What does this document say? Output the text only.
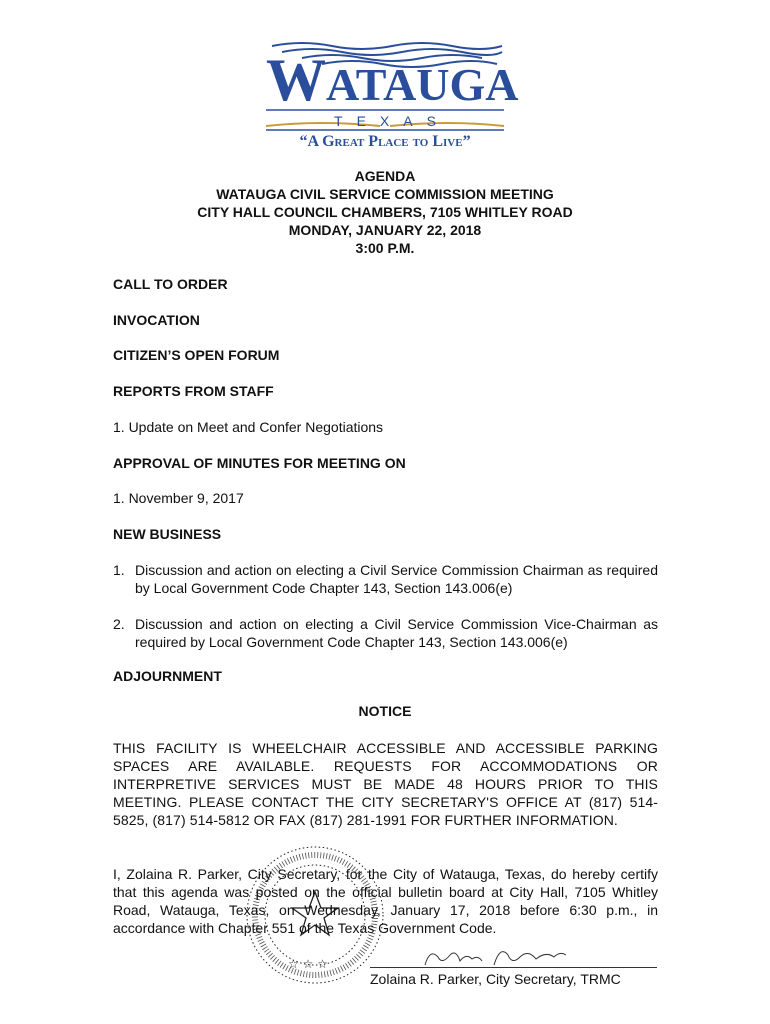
WATAUGA
TEXAS
“A Great Place to Live”
AGENDA
WATAUGA CIVIL SERVICE COMMISSION MEETING
CITY HALL COUNCIL CHAMBERS, 7105 WHITLEY ROAD
MONDAY, JANUARY 22, 2018
3:00 P.M.
CALL TO ORDER
INVOCATION
CITIZEN’S OPEN FORUM
REPORTS FROM STAFF
1. Update on Meet and Confer Negotiations
APPROVAL OF MINUTES FOR MEETING ON
1. November 9, 2017
NEW BUSINESS
1. Discussion and action on electing a Civil Service Commission Chairman as required by Local Government Code Chapter 143, Section 143.006(e)
2. Discussion and action on electing a Civil Service Commission Vice-Chairman as required by Local Government Code Chapter 143, Section 143.006(e)
ADJOURNMENT
NOTICE
THIS FACILITY IS WHEELCHAIR ACCESSIBLE AND ACCESSIBLE PARKING SPACES ARE AVAILABLE. REQUESTS FOR ACCOMMODATIONS OR INTERPRETIVE SERVICES MUST BE MADE 48 HOURS PRIOR TO THIS MEETING. PLEASE CONTACT THE CITY SECRETARY'S OFFICE AT (817) 514-5825, (817) 514-5812 OR FAX (817) 281-1991 FOR FURTHER INFORMATION.
☆ ☆ ☆
I, Zolaina R. Parker, City Secretary, for the City of Watauga, Texas, do hereby certify that this agenda was posted on the official bulletin board at City Hall, 7105 Whitley Road, Watauga, Texas, on Wednesday, January 17, 2018 before 6:30 p.m., in accordance with Chapter 551 of the Texas Government Code.
Zolaina R. Parker, City Secretary, TRMC
